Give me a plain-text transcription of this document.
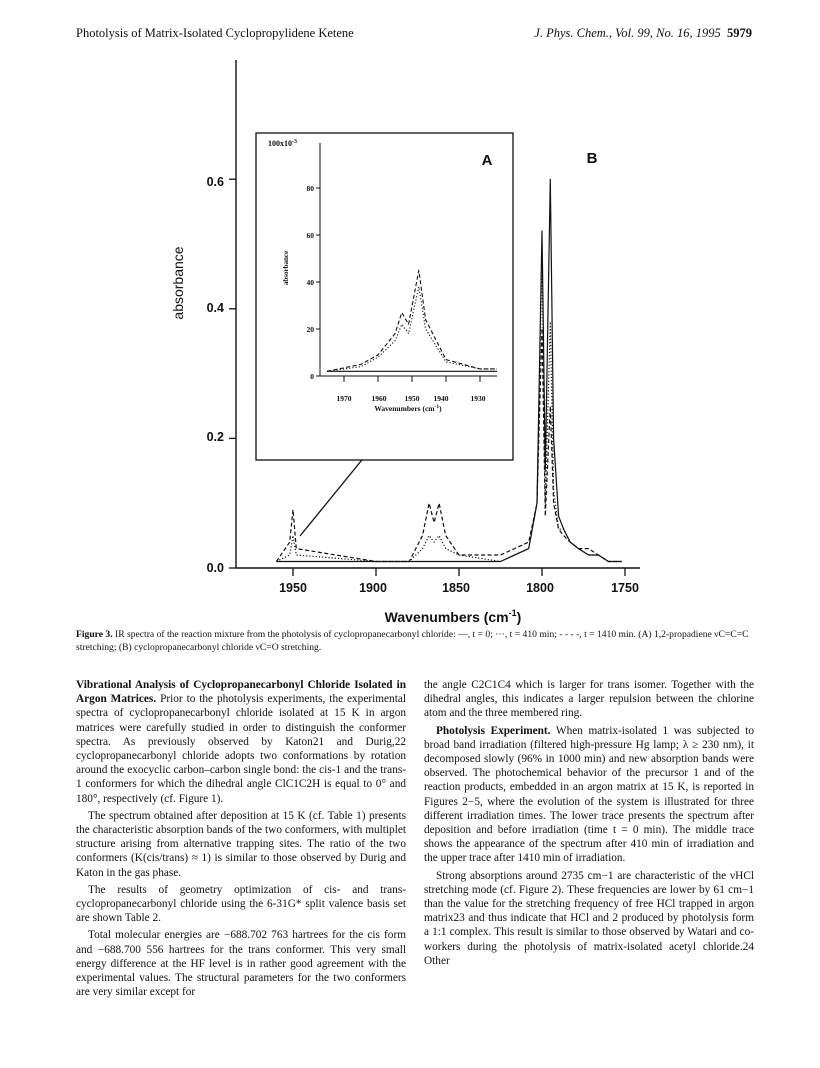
Photolysis of Matrix-Isolated Cyclopropylidene Ketene	J. Phys. Chem., Vol. 99, No. 16, 1995 5979
0.0
0.2
0.4
0.6
1950	1900	1850	1800	1750
absorbance
Wavenumbers $(cm^{-1})$
B
A
$100x10^{-3}$
absorbance
0
20
40
60
80
1970	1960 1950 1940	1930
Wavenumbers $(cm^{-1})$
Figure 3. IR spectra of the reaction mixture from the photolysis of cyclopropanecarbonyl chloride: —, t = 0; ···, t = 410 min; - - - -, t = 1410 min. (A) 1,2-propadiene νC=C=C stretching; (B) cyclopropanecarbonyl chloride νC=O stretching.

Vibrational Analysis of Cyclopropanecarbonyl Chloride Isolated in Argon Matrices. Prior to the photolysis experiments, the experimental spectra of cyclopropanecarbonyl chloride isolated at 15 K in argon matrices were carefully studied in order to distinguish the conformer spectra. As previously observed by Katon21 and Durig,22 cyclopropanecarbonyl chloride adopts two conformations by rotation around the exocyclic carbon–carbon single bond: the cis-1 and the trans-1 conformers for which the dihedral angle ClC1C2H is equal to 0° and 180°, respectively (cf. Figure 1).

The spectrum obtained after deposition at 15 K (cf. Table 1) presents the characteristic absorption bands of the two conformers, with multiplet structure arising from alternative trapping sites. The ratio of the two conformers (K(cis/trans) ≈ 1) is similar to those observed by Durig and Katon in the gas phase.

The results of geometry optimization of cis- and trans-cyclopropanecarbonyl chloride using the 6-31G* split valence basis set are shown Table 2.

Total molecular energies are −688.702 763 hartrees for the cis form and −688.700 556 hartrees for the trans conformer. This very small energy difference at the HF level is in rather good agreement with the experimental values. The structural parameters for the two conformers are very similar except for

the angle C2C1C4 which is larger for trans isomer. Together with the dihedral angles, this indicates a larger repulsion between the chlorine atom and the three membered ring.

Photolysis Experiment. When matrix-isolated 1 was subjected to broad band irradiation (filtered high-pressure Hg lamp; λ ≥ 230 nm), it decomposed slowly (96% in 1000 min) and new absorption bands were observed. The photochemical behavior of the precursor 1 and of the reaction products, embedded in an argon matrix at 15 K, is reported in Figures 2−5, where the evolution of the system is illustrated for three different irradiation times. The lower trace presents the spectrum after deposition and before irradiation (time t = 0 min). The middle trace shows the appearance of the spectrum after 410 min of irradiation and the upper trace after 1410 min of irradiation.

Strong absorptions around 2735 cm−1 are characteristic of the νHCl stretching mode (cf. Figure 2). These frequencies are lower by 61 cm−1 than the value for the stretching frequency of free HCl trapped in argon matrix23 and thus indicate that HCl and 2 produced by photolysis form a 1:1 complex. This result is similar to those observed by Watari and co-workers during the photolysis of matrix-isolated acetyl chloride.24 Other
